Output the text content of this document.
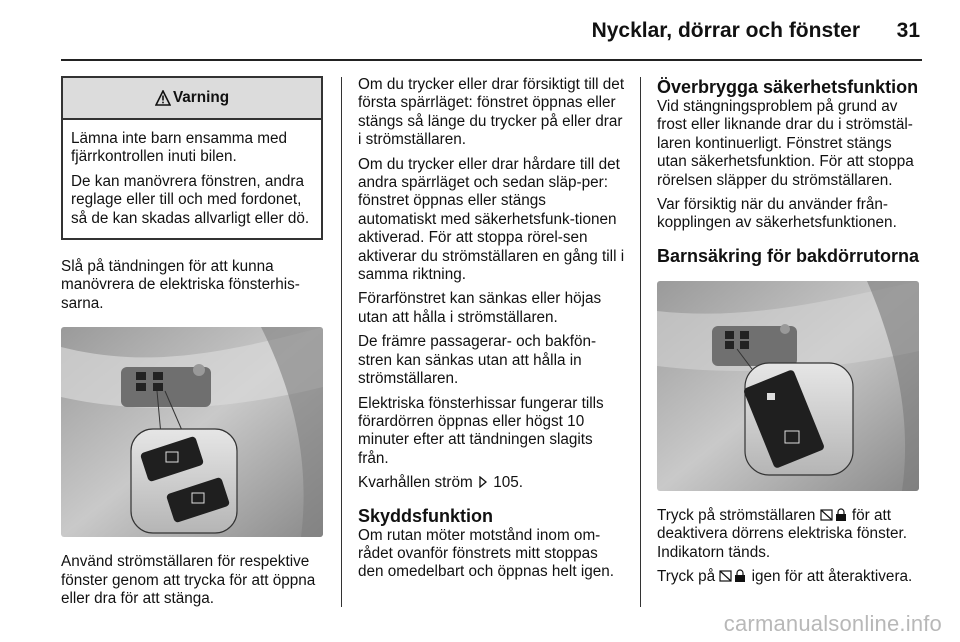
Nycklar, dörrar och fönster	31
Varning

Lämna inte barn ensamma med fjärrkontrollen inuti bilen.

De kan manövrera fönstren, andra reglage eller till och med fordonet, så de kan skadas allvarligt eller dö.

Slå på tändningen för att kunna manövrera de elektriska fönsterhis-sarna.

Använd strömställaren för respektive fönster genom att trycka för att öppna eller dra för att stänga.

Om du trycker eller drar försiktigt till det första spärrläget: fönstret öppnas eller stängs så länge du trycker på eller drar i strömställaren.

Om du trycker eller drar hårdare till det andra spärrläget och sedan släp-per: fönstret öppnas eller stängs automatiskt med säkerhetsfunk-tionen aktiverad. För att stoppa rörel-sen aktiverar du strömställaren en gång till i samma riktning.

Förarfönstret kan sänkas eller höjas utan att hålla i strömställaren.

De främre passagerar- och bakfön-stren kan sänkas utan att hålla in strömställaren.

Elektriska fönsterhissar fungerar tills förardörren öppnas eller högst 10 minuter efter att tändningen slagits från.

Kvarhållen ström 105.

Skyddsfunktion

Om rutan möter motstånd inom om-rådet ovanför fönstrets mitt stoppas den omedelbart och öppnas helt igen.

Överbrygga säkerhetsfunktion

Vid stängningsproblem på grund av frost eller liknande drar du i strömstäl-laren kontinuerligt. Fönstret stängs utan säkerhetsfunktion. För att stoppa rörelsen släpper du strömställaren.

Var försiktig när du använder från-kopplingen av säkerhetsfunktionen.

Barnsäkring för bakdörrutorna

Tryck på strömställaren för att deaktivera dörrens elektriska fönster. Indikatorn tänds.

Tryck på igen för att återaktivera.

carmanualsonline.info
